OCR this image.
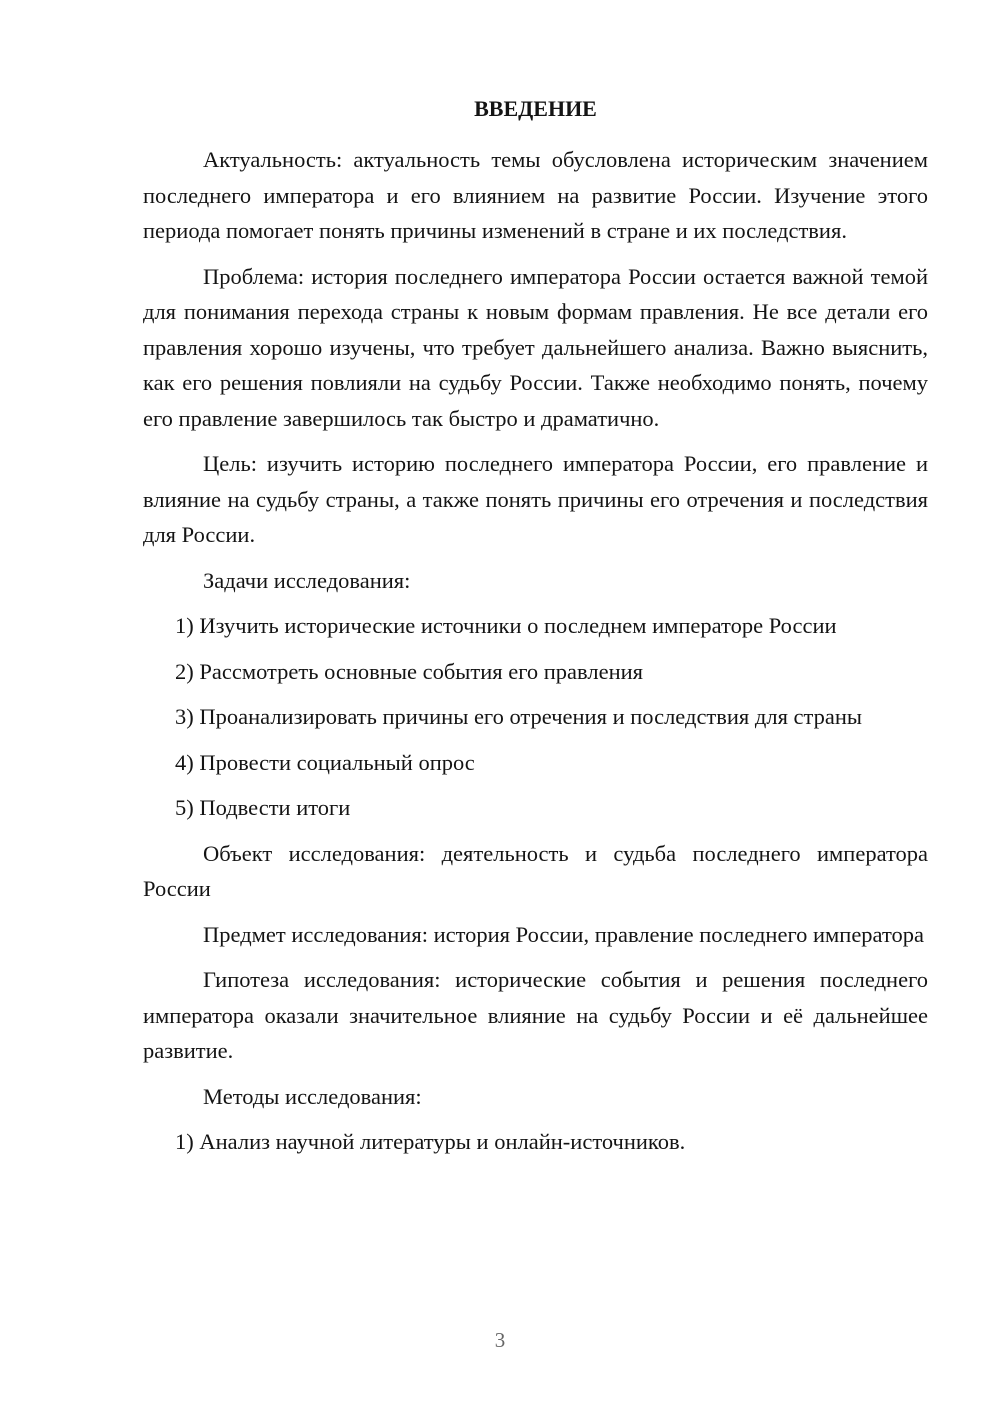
ВВЕДЕНИЕ

Актуальность: актуальность темы обусловлена историческим значением последнего императора и его влиянием на развитие России. Изучение этого периода помогает понять причины изменений в стране и их последствия.

Проблема: история последнего императора России остается важной темой для понимания перехода страны к новым формам правления. Не все детали его правления хорошо изучены, что требует дальнейшего анализа. Важно выяснить, как его решения повлияли на судьбу России. Также необходимо понять, почему его правление завершилось так быстро и драматично.

Цель: изучить историю последнего императора России, его правление и влияние на судьбу страны, а также понять причины его отречения и последствия для России.

Задачи исследования:

1) Изучить исторические источники о последнем императоре России

2) Рассмотреть основные события его правления

3) Проанализировать причины его отречения и последствия для страны

4) Провести социальный опрос

5) Подвести итоги

Объект исследования: деятельность и судьба последнего императора России

Предмет исследования: история России, правление последнего императора

Гипотеза исследования: исторические события и решения последнего императора оказали значительное влияние на судьбу России и её дальнейшее развитие.

Методы исследования:

1) Анализ научной литературы и онлайн-источников.

3
